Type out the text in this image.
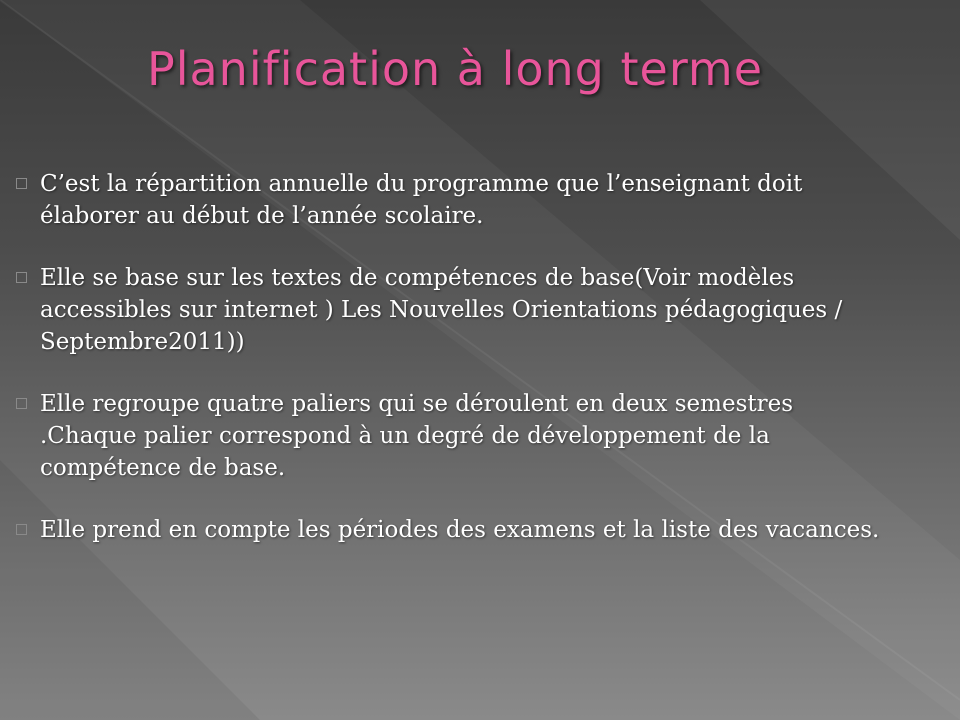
Planification à long terme
C’est la répartition annuelle du programme que l’enseignant doit élaborer au début de l’année scolaire.
Elle se base sur les textes de compétences de base(Voir modèles accessibles sur internet ) Les Nouvelles Orientations pédagogiques / Septembre2011))
Elle regroupe quatre paliers qui se déroulent en deux semestres .Chaque palier correspond à un degré de développement de la compétence de base.
Elle prend en compte les périodes des examens et la liste des vacances.
